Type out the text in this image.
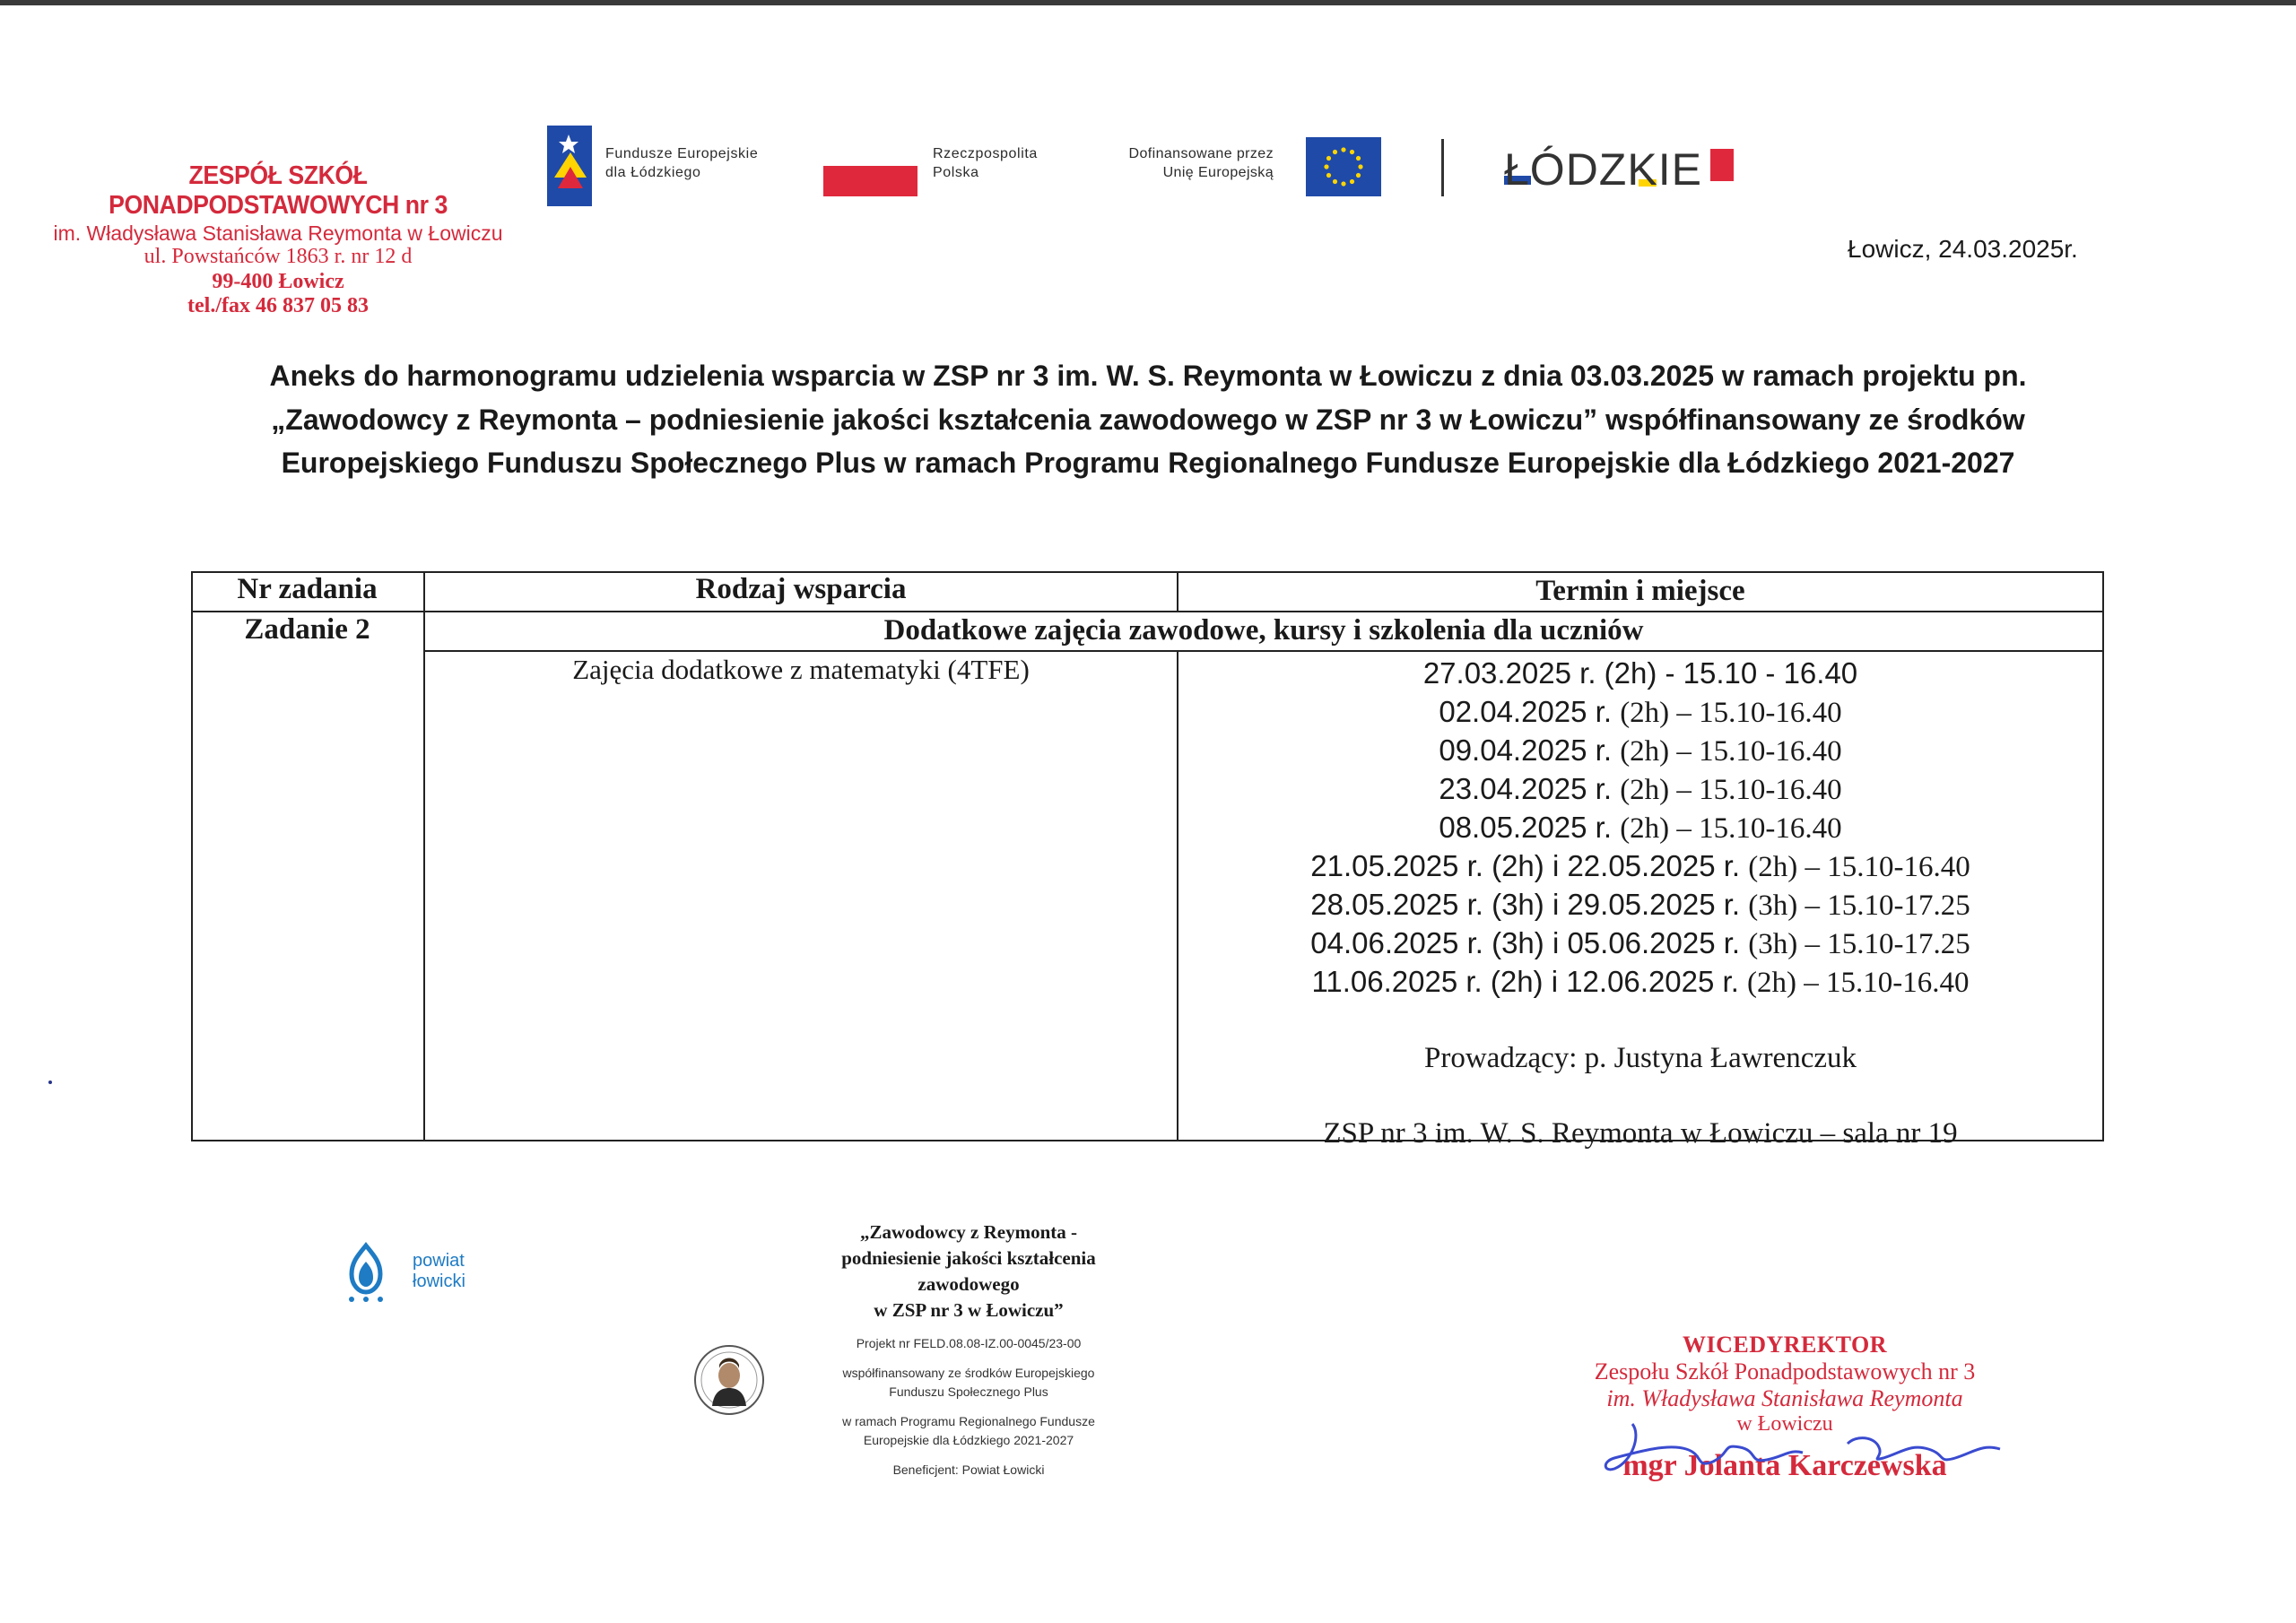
ZESPÓŁ SZKÓŁ PONADPODSTAWOWYCH nr 3
im. Władysława Stanisława Reymonta w Łowiczu
ul. Powstańców 1863 r. nr 12 d
99-400 Łowicz
tel./fax 46 837 05 83
Fundusze Europejskie
dla Łódzkiego
Rzeczpospolita
Polska
Dofinansowane przez
Unię Europejską	ŁÓDZKIE
Łowicz, 24.03.2025r.
Aneks do harmonogramu udzielenia wsparcia w ZSP nr 3 im. W. S. Reymonta w Łowiczu z dnia 03.03.2025 w ramach projektu pn.
„Zawodowcy z Reymonta – podniesienie jakości kształcenia zawodowego w ZSP nr 3 w Łowiczu” współfinansowany ze środków
Europejskiego Funduszu Społecznego Plus w ramach Programu Regionalnego Fundusze Europejskie dla Łódzkiego 2021-2027
Nr zadania	Rodzaj wsparcia	Termin i miejsce
Zadanie 2	Dodatkowe zajęcia zawodowe, kursy i szkolenia dla uczniów
Zajęcia dodatkowe z matematyki (4TFE)	27.03.2025 r. (2h) - 15.10 - 16.40
02.04.2025 r. (2h) – 15.10-16.40
09.04.2025 r. (2h) – 15.10-16.40
23.04.2025 r. (2h) – 15.10-16.40
08.05.2025 r. (2h) – 15.10-16.40
21.05.2025 r. (2h) i 22.05.2025 r. (2h) – 15.10-16.40
28.05.2025 r. (3h) i 29.05.2025 r. (3h) – 15.10-17.25
04.06.2025 r. (3h) i 05.06.2025 r. (3h) – 15.10-17.25
11.06.2025 r. (2h) i 12.06.2025 r. (2h) – 15.10-16.40
Prowadzący: p. Justyna Ławrenczuk
ZSP nr 3 im. W. S. Reymonta w Łowiczu – sala nr 19
powiat
łowicki
„Zawodowcy z Reymonta -
podniesienie jakości kształcenia
zawodowego
w ZSP nr 3 w Łowiczu”
Projekt nr FELD.08.08-IZ.00-0045/23-00
współfinansowany ze środków Europejskiego
Funduszu Społecznego Plus
w ramach Programu Regionalnego Fundusze
Europejskie dla Łódzkiego 2021-2027
Beneficjent: Powiat Łowicki
WICEDYREKTOR
Zespołu Szkół Ponadpodstawowych nr 3
im. Władysława Stanisława Reymonta
w Łowiczu
mgr Jolanta Karczewska
